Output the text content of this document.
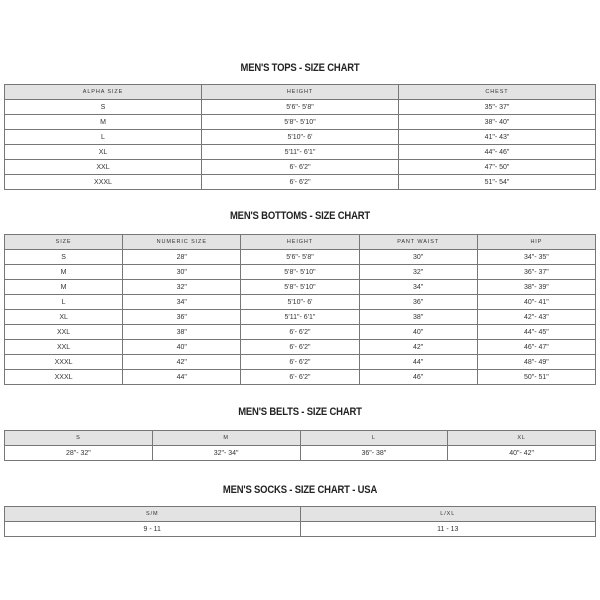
MEN'S TOPS - SIZE CHART
ALPHA SIZE	HEIGHT	CHEST
S	5'6"- 5'8"	35"- 37"
M	5'8"- 5'10"	38"- 40"
L	5'10"- 6'	41"- 43"
XL	5'11"- 6'1"	44"- 46"
XXL	6'- 6'2"	47"- 50"
XXXL	6'- 6'2"	51"- 54"
MEN'S BOTTOMS - SIZE CHART
SIZE	NUMERIC SIZE	HEIGHT	PANT WAIST	HIP
S	28"	5'6"- 5'8"	30"	34"- 35"
M	30"	5'8"- 5'10"	32"	36"- 37"
M	32"	5'8"- 5'10"	34"	38"- 39"
L	34"	5'10"- 6'	36"	40"- 41"
XL	36"	5'11"- 6'1"	38"	42"- 43"
XXL	38"	6'- 6'2"	40"	44"- 45"
XXL	40"	6'- 6'2"	42"	46"- 47"
XXXL	42"	6'- 6'2"	44"	48"- 49"
XXXL	44"	6'- 6'2"	46"	50"- 51"
MEN'S BELTS - SIZE CHART
S	M	L	XL
28"- 32"	32"- 34"	36"- 38"	40"- 42"
MEN'S SOCKS - SIZE CHART - USA
S/M	L/XL
9 - 11	11 - 13
